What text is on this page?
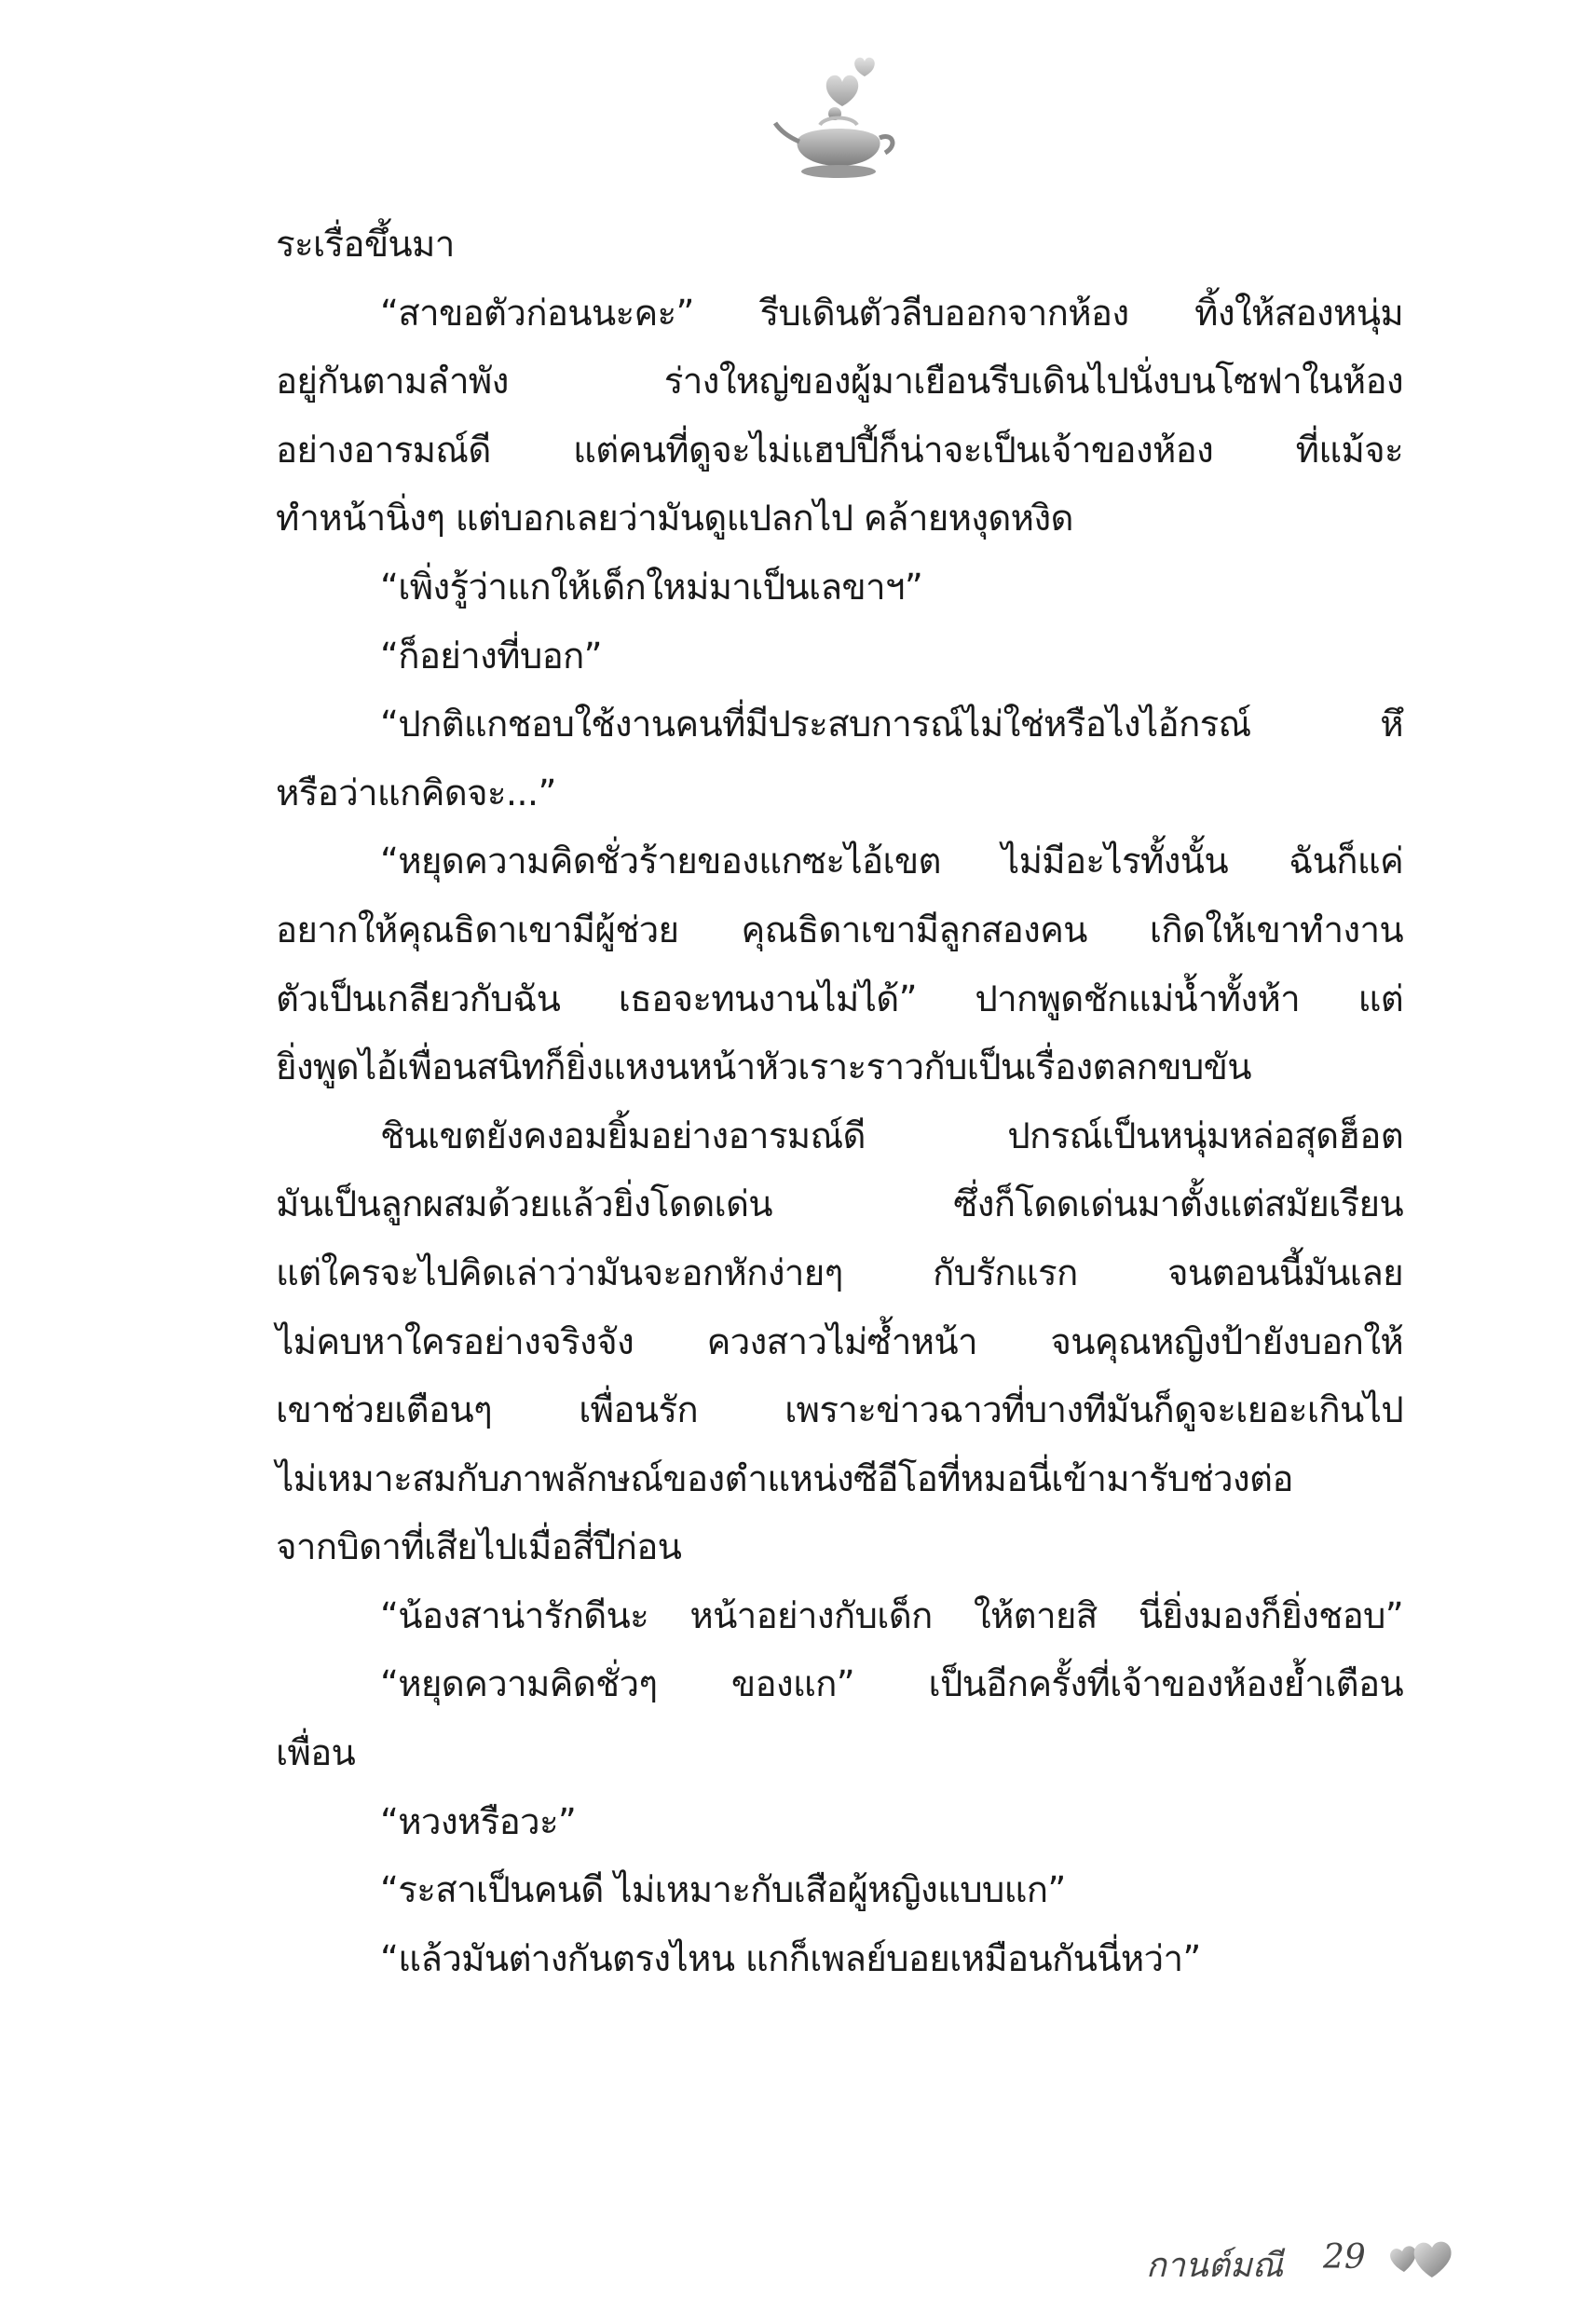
ระเรื่อขึ้นมา
“สาขอตัวก่อนนะคะ” รีบเดินตัวลีบออกจากห้อง ทิ้งให้สองหนุ่ม
อยู่กันตามลำพัง ร่างใหญ่ของผู้มาเยือนรีบเดินไปนั่งบนโซฟาในห้อง
อย่างอารมณ์ดี แต่คนที่ดูจะไม่แฮปปี้ก็น่าจะเป็นเจ้าของห้อง ที่แม้จะ
ทำหน้านิ่งๆ แต่บอกเลยว่ามันดูแปลกไป คล้ายหงุดหงิด
“เพิ่งรู้ว่าแกให้เด็กใหม่มาเป็นเลขาฯ”
“ก็อย่างที่บอก”
“ปกติแกชอบใช้งานคนที่มีประสบการณ์ไม่ใช่หรือไงไอ้กรณ์ หึ
หรือว่าแกคิดจะ...”
“หยุดความคิดชั่วร้ายของแกซะไอ้เขต ไม่มีอะไรทั้งนั้น ฉันก็แค่
อยากให้คุณธิดาเขามีผู้ช่วย คุณธิดาเขามีลูกสองคน เกิดให้เขาทำงาน
ตัวเป็นเกลียวกับฉัน เธอจะทนงานไม่ได้” ปากพูดชักแม่น้ำทั้งห้า แต่
ยิ่งพูดไอ้เพื่อนสนิทก็ยิ่งแหงนหน้าหัวเราะราวกับเป็นเรื่องตลกขบขัน
ชินเขตยังคงอมยิ้มอย่างอารมณ์ดี ปกรณ์เป็นหนุ่มหล่อสุดฮ็อต
มันเป็นลูกผสมด้วยแล้วยิ่งโดดเด่น ซึ่งก็โดดเด่นมาตั้งแต่สมัยเรียน
แต่ใครจะไปคิดเล่าว่ามันจะอกหักง่ายๆ กับรักแรก จนตอนนี้มันเลย
ไม่คบหาใครอย่างจริงจัง ควงสาวไม่ซ้ำหน้า จนคุณหญิงป้ายังบอกให้
เขาช่วยเตือนๆ เพื่อนรัก เพราะข่าวฉาวที่บางทีมันก็ดูจะเยอะเกินไป
ไม่เหมาะสมกับภาพลักษณ์ของตำแหน่งซีอีโอที่หมอนี่เข้ามารับช่วงต่อ
จากบิดาที่เสียไปเมื่อสี่ปีก่อน
“น้องสาน่ารักดีนะ หน้าอย่างกับเด็ก ให้ตายสิ นี่ยิ่งมองก็ยิ่งชอบ”
“หยุดความคิดชั่วๆ ของแก” เป็นอีกครั้งที่เจ้าของห้องย้ำเตือน
เพื่อน
“หวงหรือวะ”
“ระสาเป็นคนดี ไม่เหมาะกับเสือผู้หญิงแบบแก”
“แล้วมันต่างกันตรงไหน แกก็เพลย์บอยเหมือนกันนี่หว่า”
กานต์มณี 29
